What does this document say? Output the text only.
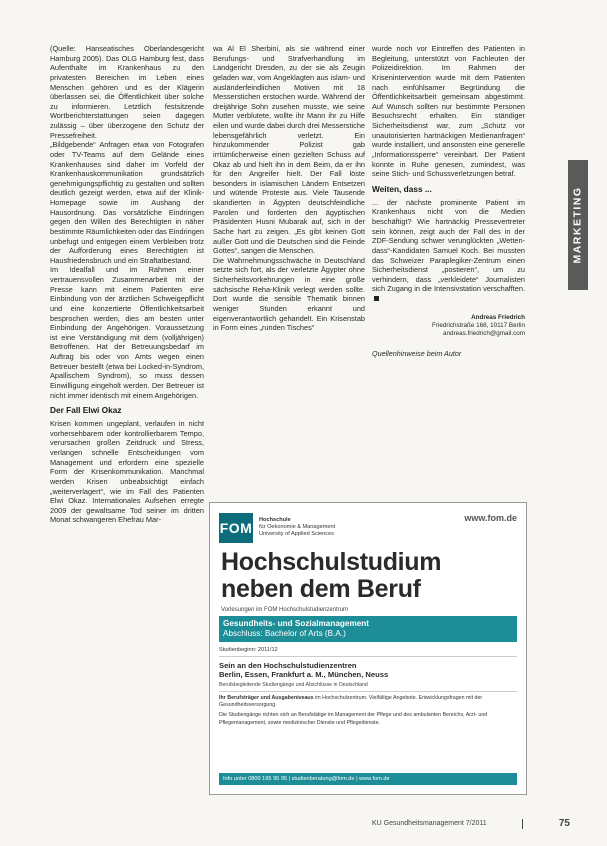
(Quelle: Hanseatisches Oberlandesgericht Hamburg 2005). Das OLG Hamburg fest, dass Aufenthalte im Krankenhaus zu den privatesten Bereichen im Leben eines Menschen gehören und es der Klägerin überlassen sei, die Öffentlichkeit über solche zu informieren. Letztlich festsitzende Wortberichterstattungen seien dagegen zulässig – über überzogene den Schutz der Pressefreiheit.

„Bildgebende“ Anfragen etwa von Fotografen oder TV-Teams auf dem Gelände eines Krankenhauses sind daher im Vorfeld der Krankenhauskommunikation grundsätzlich genehmigungspflichtig zu gestalten und sollten deutlich gezeigt werden, etwa auf der Klinik-Homepage sowie im Aushang der Hausordnung. Das vorsätzliche Eindringen gegen den Willen des Berechtigten in näher bestimmte Räumlichkeiten oder das Eindringen unbefugt und entgegen einem Verbleiben trotz der Aufforderung eines Berechtigten ist Hausfriedensbruch und ein Straftatbestand.

Im Idealfall und im Rahmen einer vertrauensvollen Zusammenarbeit mit der Presse kann mit einem Patienten eine Einbindung von der ärztlichen Schweigepflicht und eine konzertierte Öffentlichkeitsarbeit besprochen werden, dies am besten unter Einbindung der Angehörigen. Voraussetzung ist eine Verständigung mit dem (volljährigen) Betroffenen. Hat der Betreuungsbedarf im Auftrag bis oder von Amts wegen einen Betreuer bestellt (etwa bei Locked-in-Syndrom, Apallischem Syndrom), so muss dessen Einwilligung eingeholt werden. Der Betreuer ist nicht immer identisch mit einem Angehörigen.

Der Fall Elwi Okaz

Krisen kommen ungeplant, verlaufen in nicht vorhersehbarem oder kontrollierbarem Tempo, verursachen großen Zeitdruck und Stress, verlangen schnelle Entscheidungen vom Management und erfordern eine spezielle Form der Krisenkommunikation. Manchmal werden Krisen unbeabsichtigt einfach „weiterverlagert“, wie im Fall des Patienten Elwi Okaz. Internationales Aufsehen erregte 2009 der gewaltsame Tod seiner im dritten Monat schwangeren Ehefrau Mar-

wa Al El Sherbini, als sie während einer Berufungs- und Strafverhandlung im Landgericht Dresden, zu der sie als Zeugin geladen war, vom Angeklagten aus islam- und ausländerfeindlichen Motiven mit 18 Messerstichen erstochen wurde. Während der dreijährige Sohn zusehen musste, wie seine Mutter verblutete, wollte ihr Mann ihr zu Hilfe eilen und wurde dabei durch drei Messerstiche lebensgefährlich verletzt. Ein hinzukommender Polizist gab irrtümlicherweise einen gezielten Schuss auf Okaz ab und hielt ihn in dem Beim, da er ihn für den Angreifer hielt. Der Fall löste besonders in islamischen Ländern Entsetzen und wütende Proteste aus. Viele Tausende skandierten in Ägypten deutschfeindliche Parolen und forderten den ägyptischen Präsidenten Husni Mubarak auf, sich in der Sache hart zu zeigen. „Es gibt keinen Gott außer Gott und die Deutschen sind die Feinde Gottes“, sangen die Menschen.

Die Wahrnehmungsschwäche in Deutschland setzte sich fort, als der verletzte Ägypter ohne Sicherheitsvorkehrungen in eine große sächsische Reha-Klinik verlegt werden sollte. Dort wurde die sensible Thematik binnen weniger Stunden erkannt und eigenverantwortlich gehandelt. Ein Krisenstab in Form eines „runden Tisches“

wurde noch vor Eintreffen des Patienten in Begleitung, unterstützt von Fachleuten der Polizeidirektion. Im Rahmen der Krisenintervention wurde mit dem Patienten nach einfühlsamer Begründung die Öffentlichkeitsarbeit gemeinsam abgestimmt. Auf Wunsch sollten nur bestimmte Personen Besuchsrecht erhalten. Ein ständiger Sicherheitsdienst war, zum „Schutz vor unautorisierten hartnäckigen Medienanfragen“ wurde installiert, und ansonsten eine generelle „Informationssperre“ vereinbart. Der Patient konnte in Ruhe genesen, zumindest, was seine Stich- und Schussverletzungen betraf.

Weiten, dass ...

... der nächste prominente Patient im Krankenhaus nicht von die Medien beschäftigt? Wie hartnäckig Pressevertreter sein können, zeigt auch der Fall des in der ZDF-Sendung schwer verunglückten „Wetten-dass“-Kandidaten Samuel Koch. Bei mussten das Schweizer Paraplegiker-Zentrum einen Sicherheitsdienst „postieren“, um zu verhindern, dass „verkleidete“ Journalisten sich Zugang in die Intensivstation verschafften.

Andreas Friedrich
Friedrichstraße 168, 10117 Berlin
andreas.friedrich@gmail.com
Quellenhinweise beim Autor
MARKETING
FOM Hochschule
für Oekonomie & Management
University of Applied Sciences
www.fom.de
Hochschulstudium
neben dem Beruf
Vorlesungen im FOM Hochschulstudienzentrum
Gesundheits- und Sozialmanagement
Abschluss: Bachelor of Arts (B.A.)
Studienbeginn: 2011/12
Sein an den Hochschulstudienzentren
Berlin, Essen, Frankfurt a. M., München, Neuss
Berufsbegleitende Studiengänge und Abschlüsse in Deutschland
Ihr Berufsträger und Ausgabeniveaus im Hochschulzentrum. Vielfältige Angebote. Entwicklungsfragen mit der Gesundheitsversorgung.
Die Studiengänge richten sich an Berufstätige im Management der Pflege und des ambulanten Bereichs, Arzt- und Pflegemanagement, sowie medizinischer Dienste und Pflegedienste.
Info unter 0800 195 95 95 | studienberatung@fom.de | www.fom.de
KU Gesundheitsmanagement 7/2011	75
